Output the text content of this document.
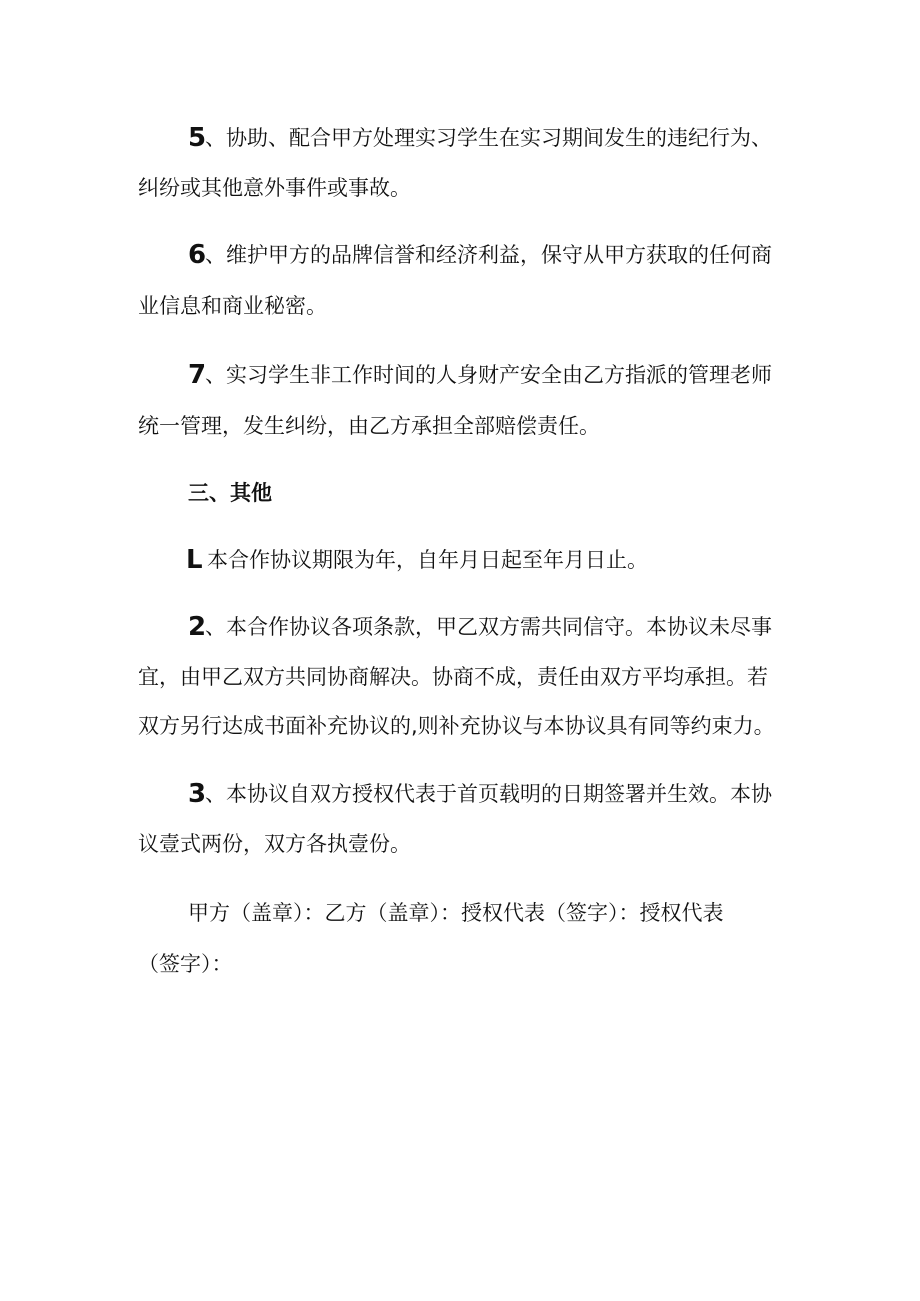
5
、协助、配合甲方处理实习学生在实习期间发生的违纪行为、
纠纷或其他意外事件或事故。
6
、维护甲方的品牌信誉和经济利益，保守从甲方获取的任何商
业信息和商业秘密。
7
、实习学生非工作时间的人身财产安全由乙方指派的管理老师
统一管理，发生纠纷，由乙方承担全部赔偿责任。
三、其他
L 本合作协议期限为年，自年月日起至年月日止。
2
、本合作协议各项条款，甲乙双方需共同信守。本协议未尽事
宜，由甲乙双方共同协商解决。协商不成，责任由双方平均承担。若
双方另行达成书面补充协议的,则补充协议与本协议具有同等约束力。
3
、本协议自双方授权代表于首页载明的日期签署并生效。本协
议壹式两份，双方各执壹份。
甲方（盖章）：乙方（盖章）：授权代表（签字）：授权代表
（签字）：
